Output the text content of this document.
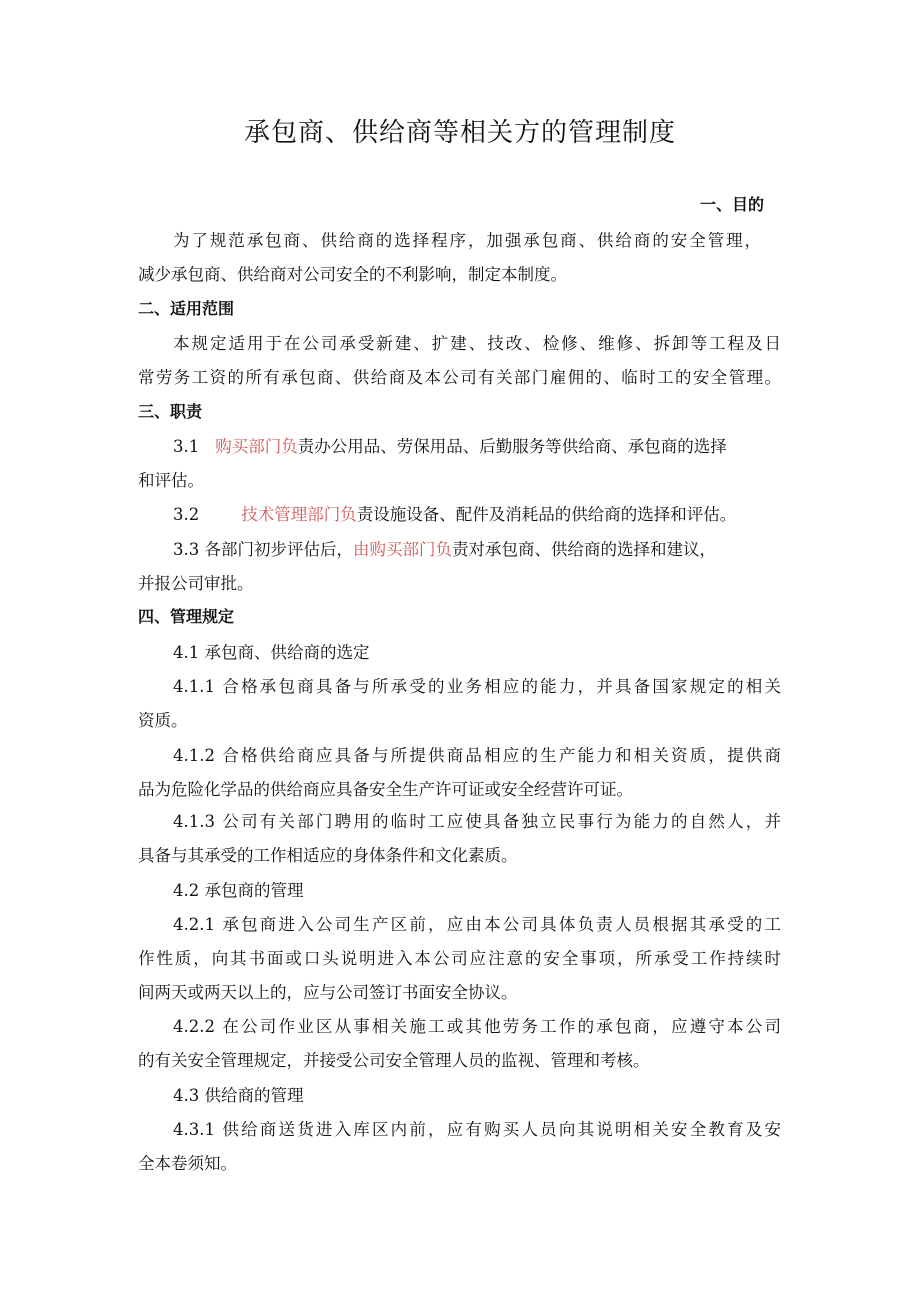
承包商、供给商等相关方的管理制度

一、目的

为了规范承包商、供给商的选择程序，加强承包商、供给商的安全管理，

减少承包商、供给商对公司安全的不利影响，制定本制度。

二、适用范围

本规定适用于在公司承受新建、扩建、技改、检修、维修、拆卸等工程及日

常劳务工资的所有承包商、供给商及本公司有关部门雇佣的、临时工的安全管理。

三、职责

3.1 购买部门负责办公用品、劳保用品、后勤服务等供给商、承包商的选择

和评估。

3.2	技术管理部门负责设施设备、配件及消耗品的供给商的选择和评估。

3.3 各部门初步评估后，由购买部门负责对承包商、供给商的选择和建议，

并报公司审批。

四、管理规定

4.1 承包商、供给商的选定

4.1.1 合格承包商具备与所承受的业务相应的能力，并具备国家规定的相关

资质。

4.1.2 合格供给商应具备与所提供商品相应的生产能力和相关资质，提供商

品为危险化学品的供给商应具备安全生产许可证或安全经营许可证。

4.1.3 公司有关部门聘用的临时工应使具备独立民事行为能力的自然人，并

具备与其承受的工作相适应的身体条件和文化素质。

4.2 承包商的管理

4.2.1 承包商进入公司生产区前，应由本公司具体负责人员根据其承受的工

作性质，向其书面或口头说明进入本公司应注意的安全事项，所承受工作持续时

间两天或两天以上的，应与公司签订书面安全协议。

4.2.2 在公司作业区从事相关施工或其他劳务工作的承包商，应遵守本公司

的有关安全管理规定，并接受公司安全管理人员的监视、管理和考核。

4.3 供给商的管理

4.3.1 供给商送货进入库区内前，应有购买人员向其说明相关安全教育及安

全本卷须知。
